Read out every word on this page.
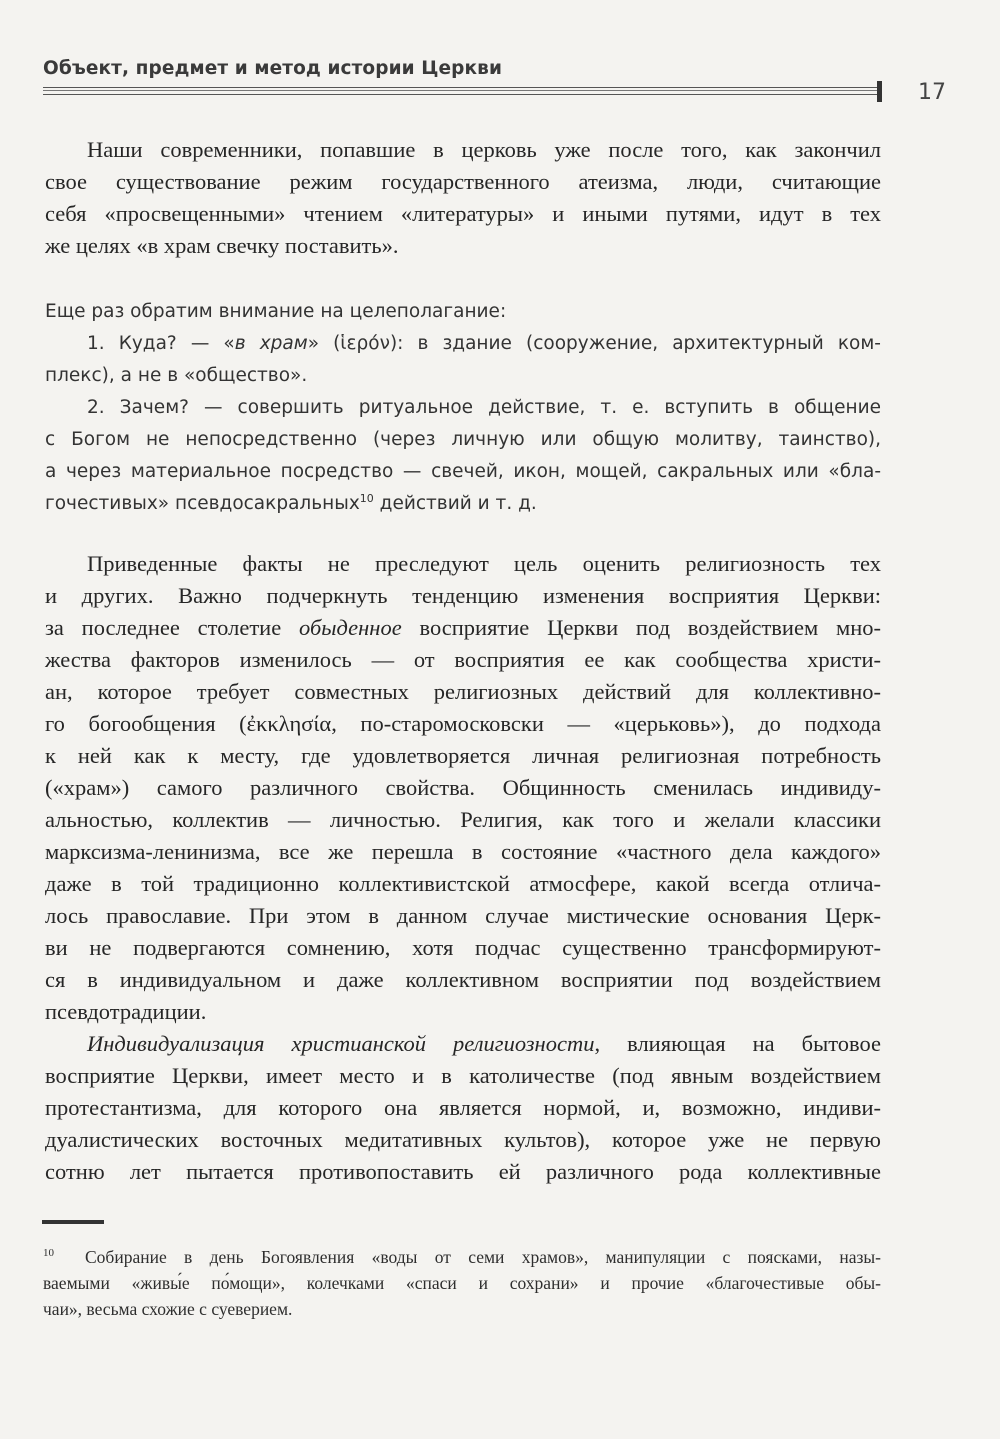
Объект, предмет и метод истории Церкви
17
Наши современники, попавшие в церковь уже после того, как закончил
свое существование режим государственного атеизма, люди, считающие
себя «просвещенными» чтением «литературы» и иными путями, идут в тех
же целях «в храм свечку поставить».
Еще раз обратим внимание на целеполагание:
1. Куда? — «в храм» (ἱερόν): в здание (сооружение, архитектурный ком-
плекс), а не в «общество».
2. Зачем? — совершить ритуальное действие, т. е. вступить в общение
с Богом не непосредственно (через личную или общую молитву, таинство),
а через материальное посредство — свечей, икон, мощей, сакральных или «бла-
гочестивых» псевдосакральных$^{10}$ действий и т. д.
Приведенные факты не преследуют цель оценить религиозность тех
и других. Важно подчеркнуть тенденцию изменения восприятия Церкви:
за последнее столетие обыденное восприятие Церкви под воздействием мно-
жества факторов изменилось — от восприятия ее как сообщества христи-
ан, которое требует совместных религиозных действий для коллективно-
го богообщения (ἐκκλησία, по-старомосковски — «церьковь»), до подхода
к ней как к месту, где удовлетворяется личная религиозная потребность
(«храм») самого различного свойства. Общинность сменилась индивиду-
альностью, коллектив — личностью. Религия, как того и желали классики
марксизма-ленинизма, все же перешла в состояние «частного дела каждого»
даже в той традиционно коллективистской атмосфере, какой всегда отлича-
лось православие. При этом в данном случае мистические основания Церк-
ви не подвергаются сомнению, хотя подчас существенно трансформируют-
ся в индивидуальном и даже коллективном восприятии под воздействием
псевдотрадиции.
Индивидуализация христианской религиозности, влияющая на бытовое
восприятие Церкви, имеет место и в католичестве (под явным воздействием
протестантизма, для которого она является нормой, и, возможно, индиви-
дуалистических восточных медитативных культов), которое уже не первую
сотню лет пытается противопоставить ей различного рода коллективные
10	Собирание в день Богоявления «воды от семи храмов», манипуляции с поясками, назы-
ваемыми «живы́е по́мощи», колечками «спаси и сохрани» и прочие «благочестивые обы-
чаи», весьма схожие с суеверием.
